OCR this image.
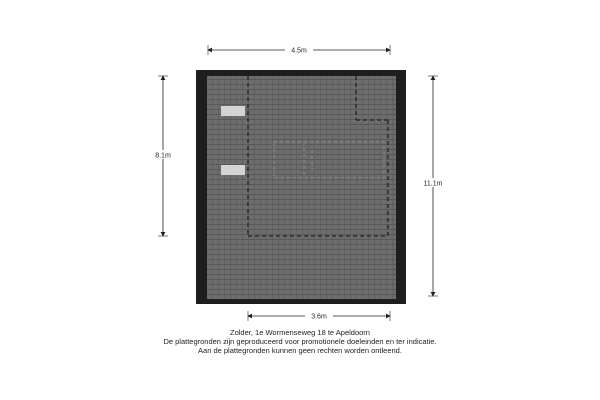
4.5m
3.6m
8.1m
11.1m
Zolder, 1e Wormenseweg 18 te Apeldoorn
De plattegronden zijn geproduceerd voor promotionele doeleinden en ter indicatie.
Aan de plattegronden kunnen geen rechten worden ontleend.
